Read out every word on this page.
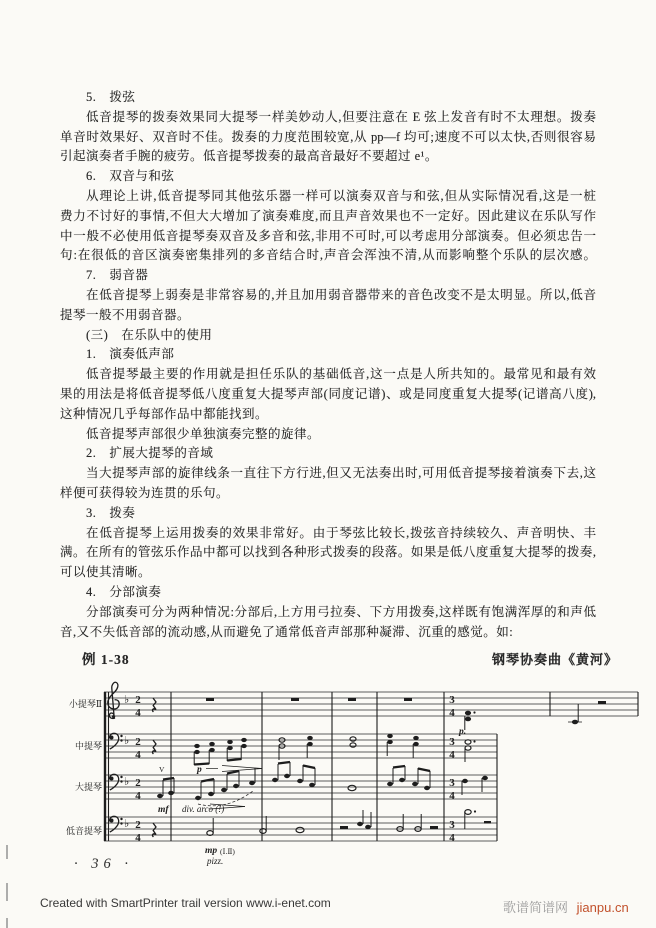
5.　拨弦
低音提琴的拨奏效果同大提琴一样美妙动人,但要注意在 E 弦上发音有时不太理想。拨奏
单音时效果好、双音时不佳。拨奏的力度范围较宽,从 pp—f 均可;速度不可以太快,否则很容易
引起演奏者手腕的疲劳。低音提琴拨奏的最高音最好不要超过 e¹。
6.　双音与和弦
从理论上讲,低音提琴同其他弦乐器一样可以演奏双音与和弦,但从实际情况看,这是一桩
费力不讨好的事情,不但大大增加了演奏难度,而且声音效果也不一定好。因此建议在乐队写作
中一般不必使用低音提琴奏双音及多音和弦,非用不可时,可以考虑用分部演奏。但必须忠告一
句:在很低的音区演奏密集排列的多音结合时,声音会浑浊不清,从而影响整个乐队的层次感。
7.　弱音器
在低音提琴上弱奏是非常容易的,并且加用弱音器带来的音色改变不是太明显。所以,低音
提琴一般不用弱音器。
(三)　在乐队中的使用
1.　演奏低声部
低音提琴最主要的作用就是担任乐队的基础低音,这一点是人所共知的。最常见和最有效
果的用法是将低音提琴低八度重复大提琴声部(同度记谱)、或是同度重复大提琴(记谱高八度),
这种情况几乎每部作品中都能找到。
低音提琴声部很少单独演奏完整的旋律。
2.　扩展大提琴的音域
当大提琴声部的旋律线条一直往下方行进,但又无法奏出时,可用低音提琴接着演奏下去,这
样便可获得较为连贯的乐句。
3.　拨奏
在低音提琴上运用拨奏的效果非常好。由于琴弦比较长,拨弦音持续较久、声音明快、丰
满。在所有的管弦乐作品中都可以找到各种形式拨奏的段落。如果是低八度重复大提琴的拨奏,
可以使其清晰。
4.　分部演奏
分部演奏可分为两种情况:分部后,上方用弓拉奏、下方用拨奏,这样既有饱满浑厚的和声低
音,又不失低音部的流动感,从而避免了通常低音声部那种凝滞、沉重的感觉。如:
例 1-38	钢琴协奏曲《黄河》
小提琴Ⅱ
中提琴
大提琴
低音提琴
♭
♭
♭
♭
2
4
2
4
2
4
2
4
3
4
3
4
3
4
3
4
p.
p
V
mf div. arco (!)
mp (Ⅰ.Ⅱ)
pizz.
· 36 ·
Created with SmartPrinter trail version www.i-enet.com	歌谱简谱网 jianpu.cn
